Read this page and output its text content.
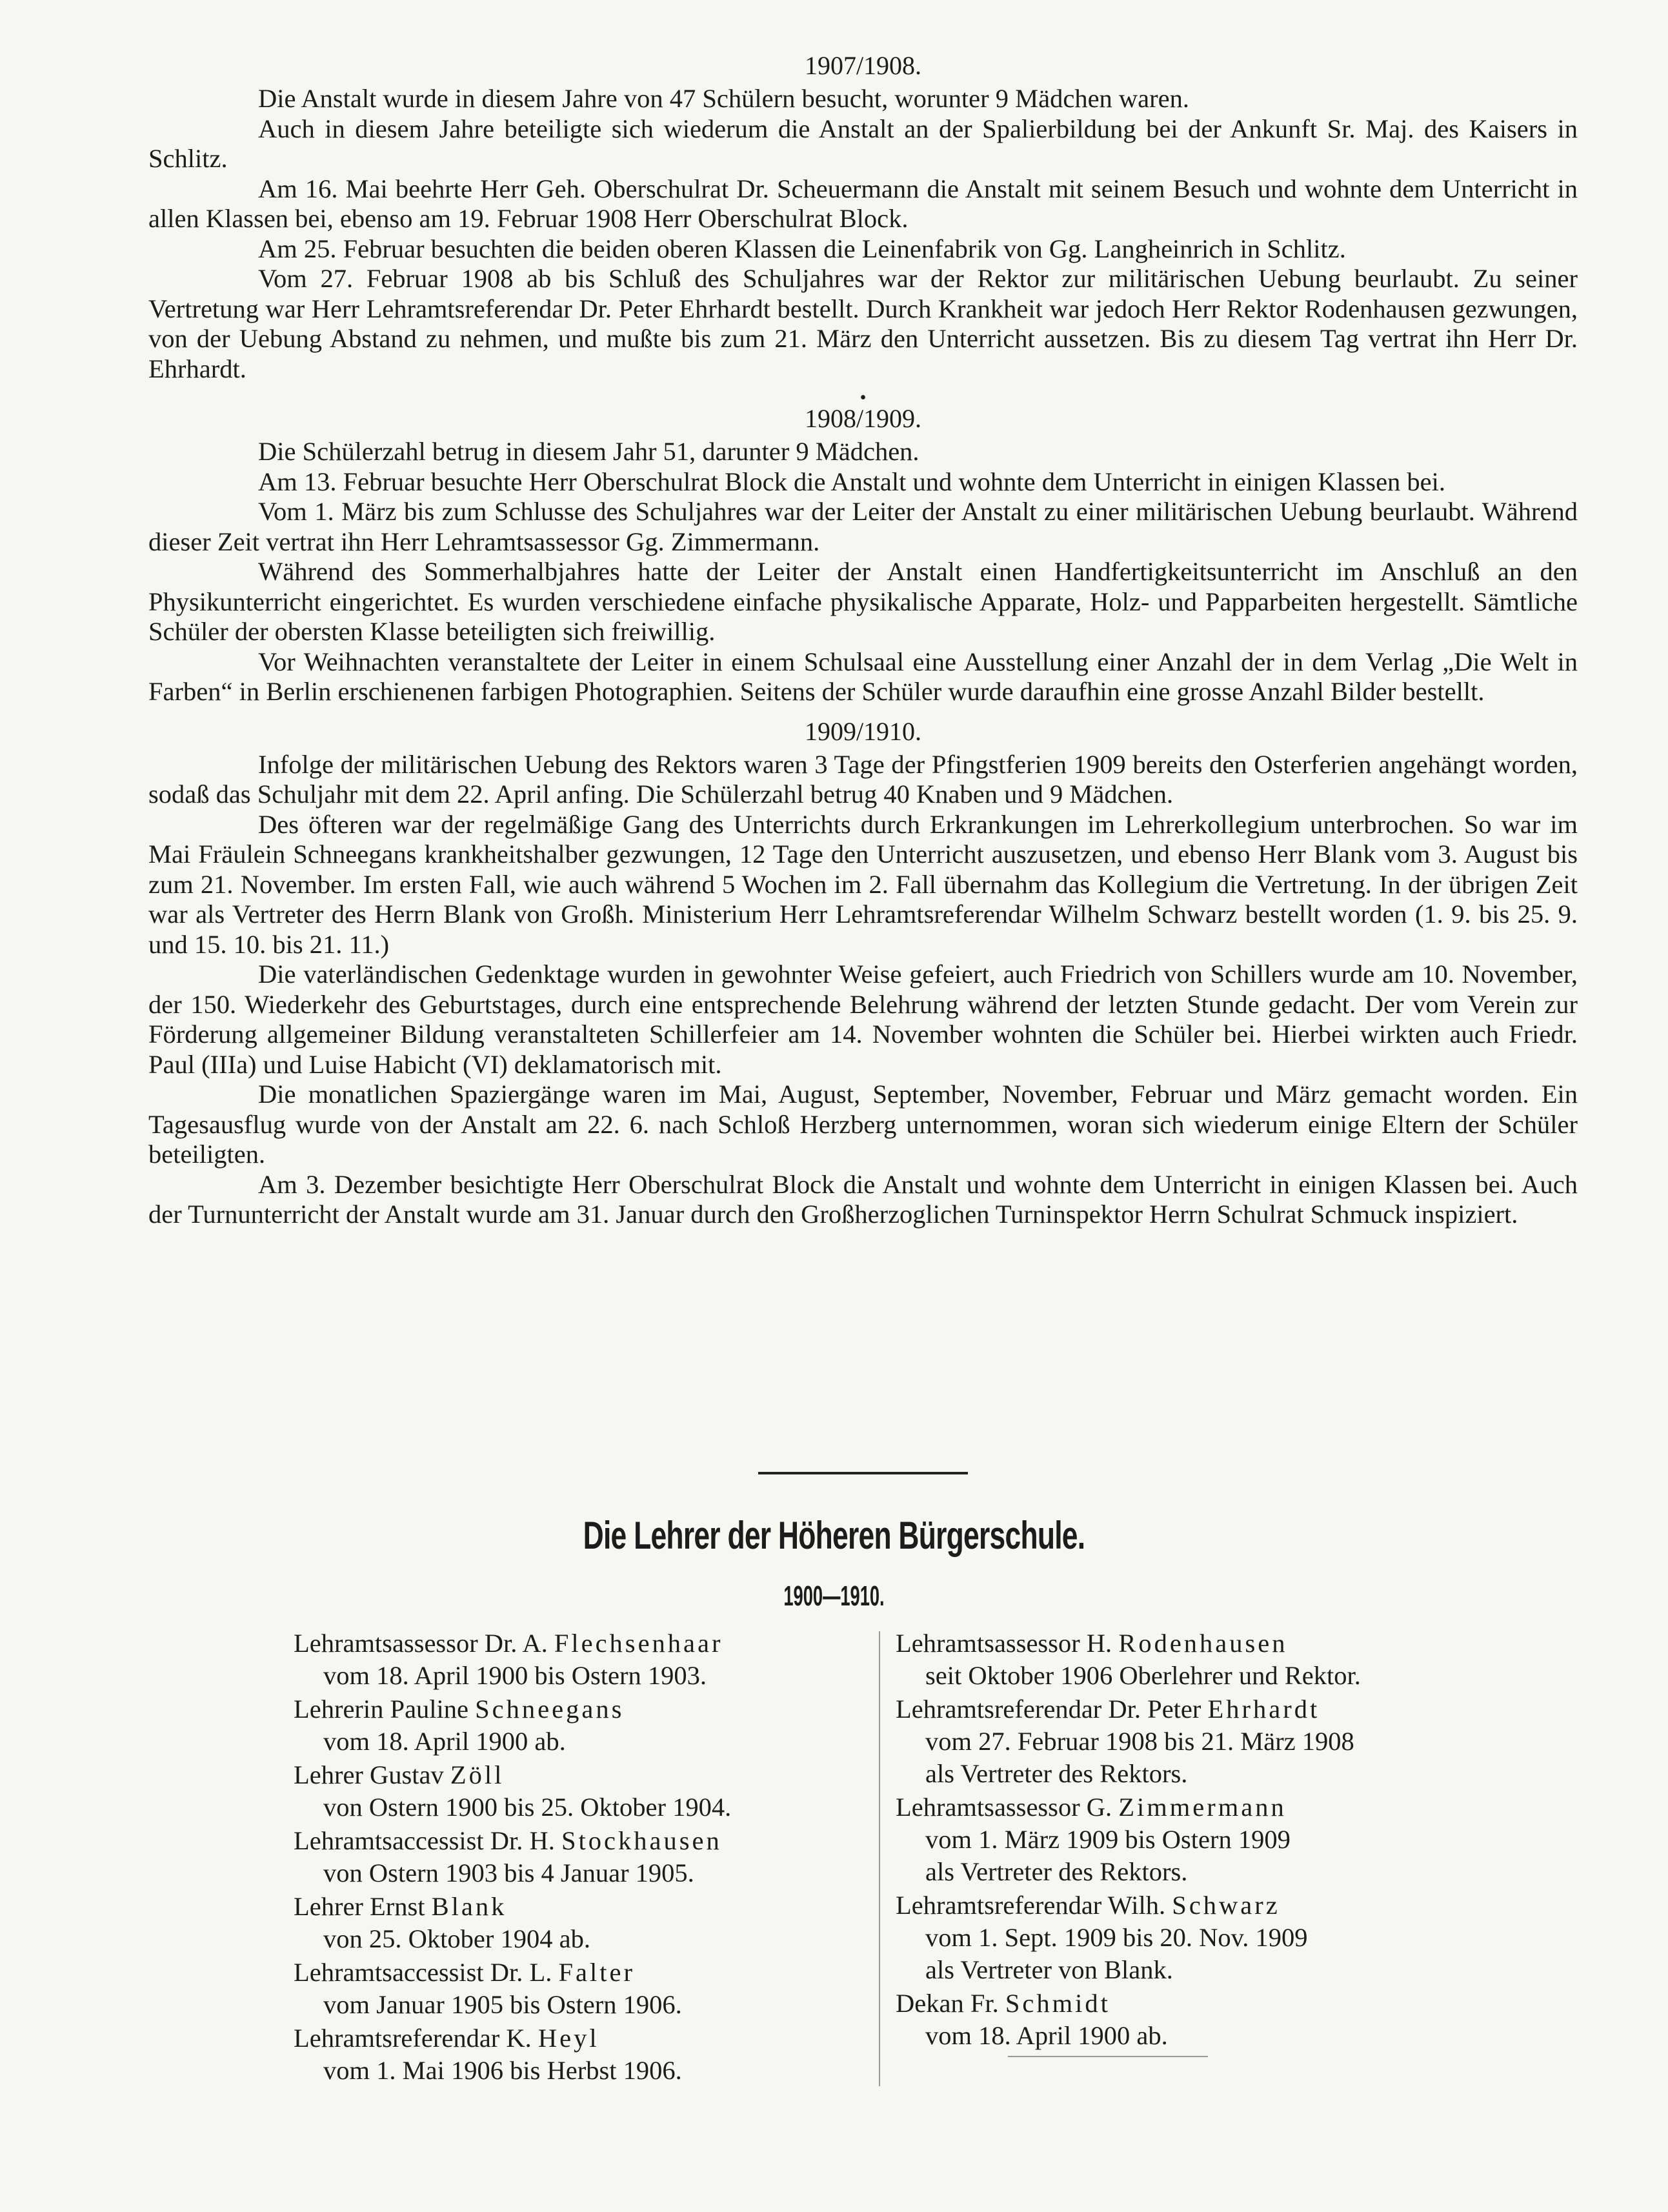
1907/1908.

Die Anstalt wurde in diesem Jahre von 47 Schülern besucht, worunter 9 Mädchen waren.

Auch in diesem Jahre beteiligte sich wiederum die Anstalt an der Spalierbildung bei der Ankunft Sr. Maj. des Kaisers in Schlitz.

Am 16. Mai beehrte Herr Geh. Oberschulrat Dr. Scheuermann die Anstalt mit seinem Besuch und wohnte dem Unterricht in allen Klassen bei, ebenso am 19. Februar 1908 Herr Oberschulrat Block.

Am 25. Februar besuchten die beiden oberen Klassen die Leinenfabrik von Gg. Langheinrich in Schlitz.

Vom 27. Februar 1908 ab bis Schluß des Schuljahres war der Rektor zur militärischen Uebung beurlaubt. Zu seiner Vertretung war Herr Lehramtsreferendar Dr. Peter Ehrhardt bestellt. Durch Krankheit war jedoch Herr Rektor Rodenhausen gezwungen, von der Uebung Abstand zu nehmen, und mußte bis zum 21. März den Unterricht aussetzen. Bis zu diesem Tag vertrat ihn Herr Dr. Ehrhardt.

•
1908/1909.

Die Schülerzahl betrug in diesem Jahr 51, darunter 9 Mädchen.

Am 13. Februar besuchte Herr Oberschulrat Block die Anstalt und wohnte dem Unterricht in einigen Klassen bei.

Vom 1. März bis zum Schlusse des Schuljahres war der Leiter der Anstalt zu einer militärischen Uebung beurlaubt. Während dieser Zeit vertrat ihn Herr Lehramtsassessor Gg. Zimmermann.

Während des Sommerhalbjahres hatte der Leiter der Anstalt einen Handfertigkeitsunterricht im Anschluß an den Physikunterricht eingerichtet. Es wurden verschiedene einfache physikalische Apparate, Holz- und Papparbeiten hergestellt. Sämtliche Schüler der obersten Klasse beteiligten sich freiwillig.

Vor Weihnachten veranstaltete der Leiter in einem Schulsaal eine Ausstellung einer Anzahl der in dem Verlag „Die Welt in Farben“ in Berlin erschienenen farbigen Photographien. Seitens der Schüler wurde daraufhin eine grosse Anzahl Bilder bestellt.

1909/1910.

Infolge der militärischen Uebung des Rektors waren 3 Tage der Pfingstferien 1909 bereits den Osterferien angehängt worden, sodaß das Schuljahr mit dem 22. April anfing. Die Schülerzahl betrug 40 Knaben und 9 Mädchen.

Des öfteren war der regelmäßige Gang des Unterrichts durch Erkrankungen im Lehrerkollegium unterbrochen. So war im Mai Fräulein Schneegans krankheitshalber gezwungen, 12 Tage den Unterricht auszusetzen, und ebenso Herr Blank vom 3. August bis zum 21. November. Im ersten Fall, wie auch während 5 Wochen im 2. Fall übernahm das Kollegium die Vertretung. In der übrigen Zeit war als Vertreter des Herrn Blank von Großh. Ministerium Herr Lehramtsreferendar Wilhelm Schwarz bestellt worden (1. 9. bis 25. 9. und 15. 10. bis 21. 11.)

Die vaterländischen Gedenktage wurden in gewohnter Weise gefeiert, auch Friedrich von Schillers wurde am 10. November, der 150. Wiederkehr des Geburtstages, durch eine entsprechende Belehrung während der letzten Stunde gedacht. Der vom Verein zur Förderung allgemeiner Bildung veranstalteten Schillerfeier am 14. November wohnten die Schüler bei. Hierbei wirkten auch Friedr. Paul (IIIa) und Luise Habicht (VI) deklamatorisch mit.

Die monatlichen Spaziergänge waren im Mai, August, September, November, Februar und März gemacht worden. Ein Tagesausflug wurde von der Anstalt am 22. 6. nach Schloß Herzberg unternommen, woran sich wiederum einige Eltern der Schüler beteiligten.

Am 3. Dezember besichtigte Herr Oberschulrat Block die Anstalt und wohnte dem Unterricht in einigen Klassen bei. Auch der Turnunterricht der Anstalt wurde am 31. Januar durch den Großherzoglichen Turninspektor Herrn Schulrat Schmuck inspiziert.

Die Lehrer der Höheren Bürgerschule.
1900—1910.
Lehramtsassessor Dr. A. Flechsenhaar
vom 18. April 1900 bis Ostern 1903.
Lehrerin Pauline Schneegans
vom 18. April 1900 ab.
Lehrer Gustav Zöll
von Ostern 1900 bis 25. Oktober 1904.
Lehramtsaccessist Dr. H. Stockhausen
von Ostern 1903 bis 4 Januar 1905.
Lehrer Ernst Blank
von 25. Oktober 1904 ab.
Lehramtsaccessist Dr. L. Falter
vom Januar 1905 bis Ostern 1906.
Lehramtsreferendar K. Heyl
vom 1. Mai 1906 bis Herbst 1906.
Lehramtsassessor H. Rodenhausen
seit Oktober 1906 Oberlehrer und Rektor.
Lehramtsreferendar Dr. Peter Ehrhardt
vom 27. Februar 1908 bis 21. März 1908
als Vertreter des Rektors.
Lehramtsassessor G. Zimmermann
vom 1. März 1909 bis Ostern 1909
als Vertreter des Rektors.
Lehramtsreferendar Wilh. Schwarz
vom 1. Sept. 1909 bis 20. Nov. 1909
als Vertreter von Blank.
Dekan Fr. Schmidt
vom 18. April 1900 ab.
